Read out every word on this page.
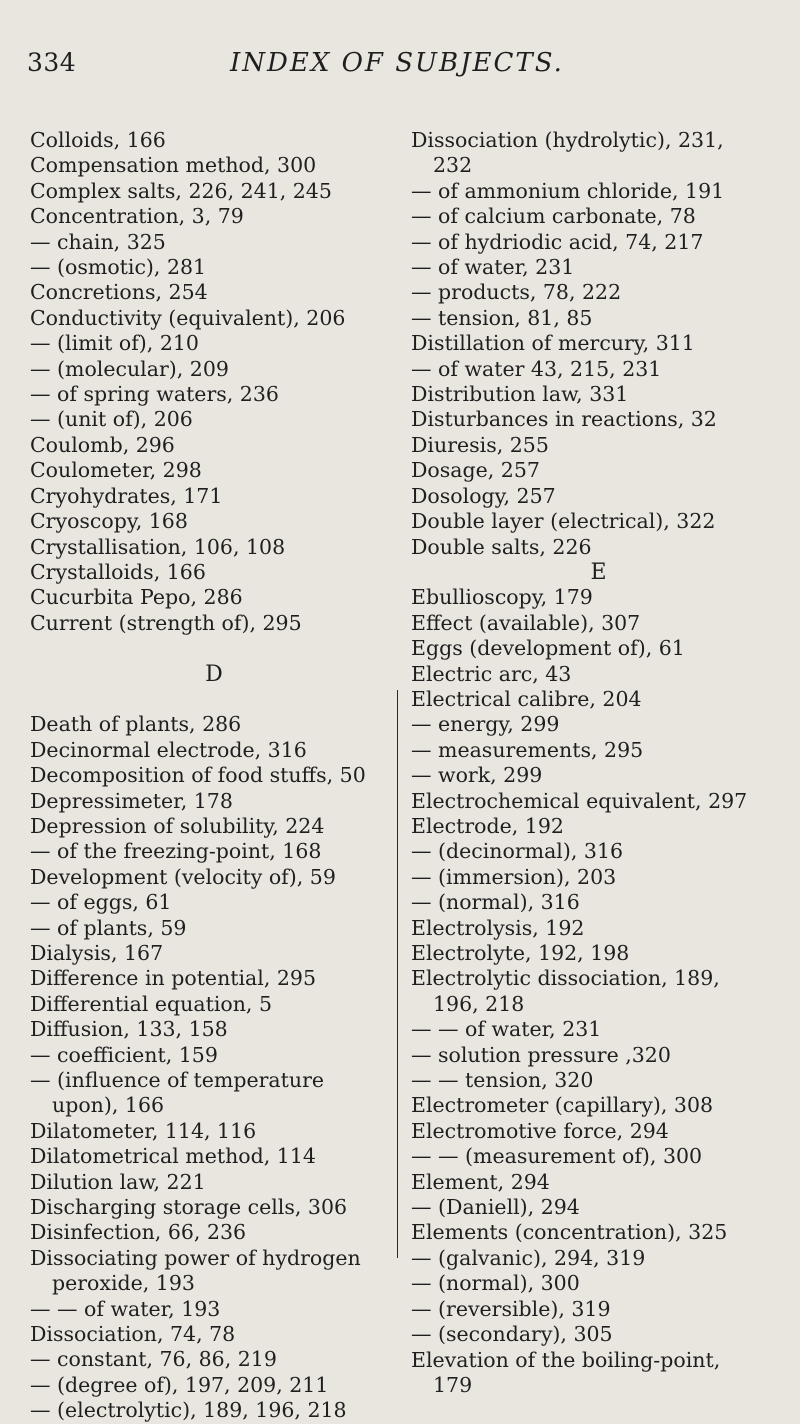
334	INDEX OF SUBJECTS.
Colloids, 166
Compensation method, 300
Complex salts, 226, 241, 245
Concentration, 3, 79
— chain, 325
— (osmotic), 281
Concretions, 254
Conductivity (equivalent), 206
— (limit of), 210
— (molecular), 209
— of spring waters, 236
— (unit of), 206
Coulomb, 296
Coulometer, 298
Cryohydrates, 171
Cryoscopy, 168
Crystallisation, 106, 108
Crystalloids, 166
Cucurbita Pepo, 286
Current (strength of), 295
D
Death of plants, 286
Decinormal electrode, 316
Decomposition of food stuffs, 50
Depressimeter, 178
Depression of solubility, 224
— of the freezing-point, 168
Development (velocity of), 59
— of eggs, 61
— of plants, 59
Dialysis, 167
Difference in potential, 295
Differential equation, 5
Diffusion, 133, 158
— coefficient, 159
— (influence of temperature
upon), 166
Dilatometer, 114, 116
Dilatometrical method, 114
Dilution law, 221
Discharging storage cells, 306
Disinfection, 66, 236
Dissociating power of hydrogen
peroxide, 193
— — of water, 193
Dissociation, 74, 78
— constant, 76, 86, 219
— (degree of), 197, 209, 211
— (electrolytic), 189, 196, 218
Dissociation (hydrolytic), 231,
232
— of ammonium chloride, 191
— of calcium carbonate, 78
— of hydriodic acid, 74, 217
— of water, 231
— products, 78, 222
— tension, 81, 85
Distillation of mercury, 311
— of water 43, 215, 231
Distribution law, 331
Disturbances in reactions, 32
Diuresis, 255
Dosage, 257
Dosology, 257
Double layer (electrical), 322
Double salts, 226
E
Ebullioscopy, 179
Effect (available), 307
Eggs (development of), 61
Electric arc, 43
Electrical calibre, 204
— energy, 299
— measurements, 295
— work, 299
Electrochemical equivalent, 297
Electrode, 192
— (decinormal), 316
— (immersion), 203
— (normal), 316
Electrolysis, 192
Electrolyte, 192, 198
Electrolytic dissociation, 189,
196, 218
— — of water, 231
— solution pressure ,320
— — tension, 320
Electrometer (capillary), 308
Electromotive force, 294
— — (measurement of), 300
Element, 294
— (Daniell), 294
Elements (concentration), 325
— (galvanic), 294, 319
— (normal), 300
— (reversible), 319
— (secondary), 305
Elevation of the boiling-point,
179
